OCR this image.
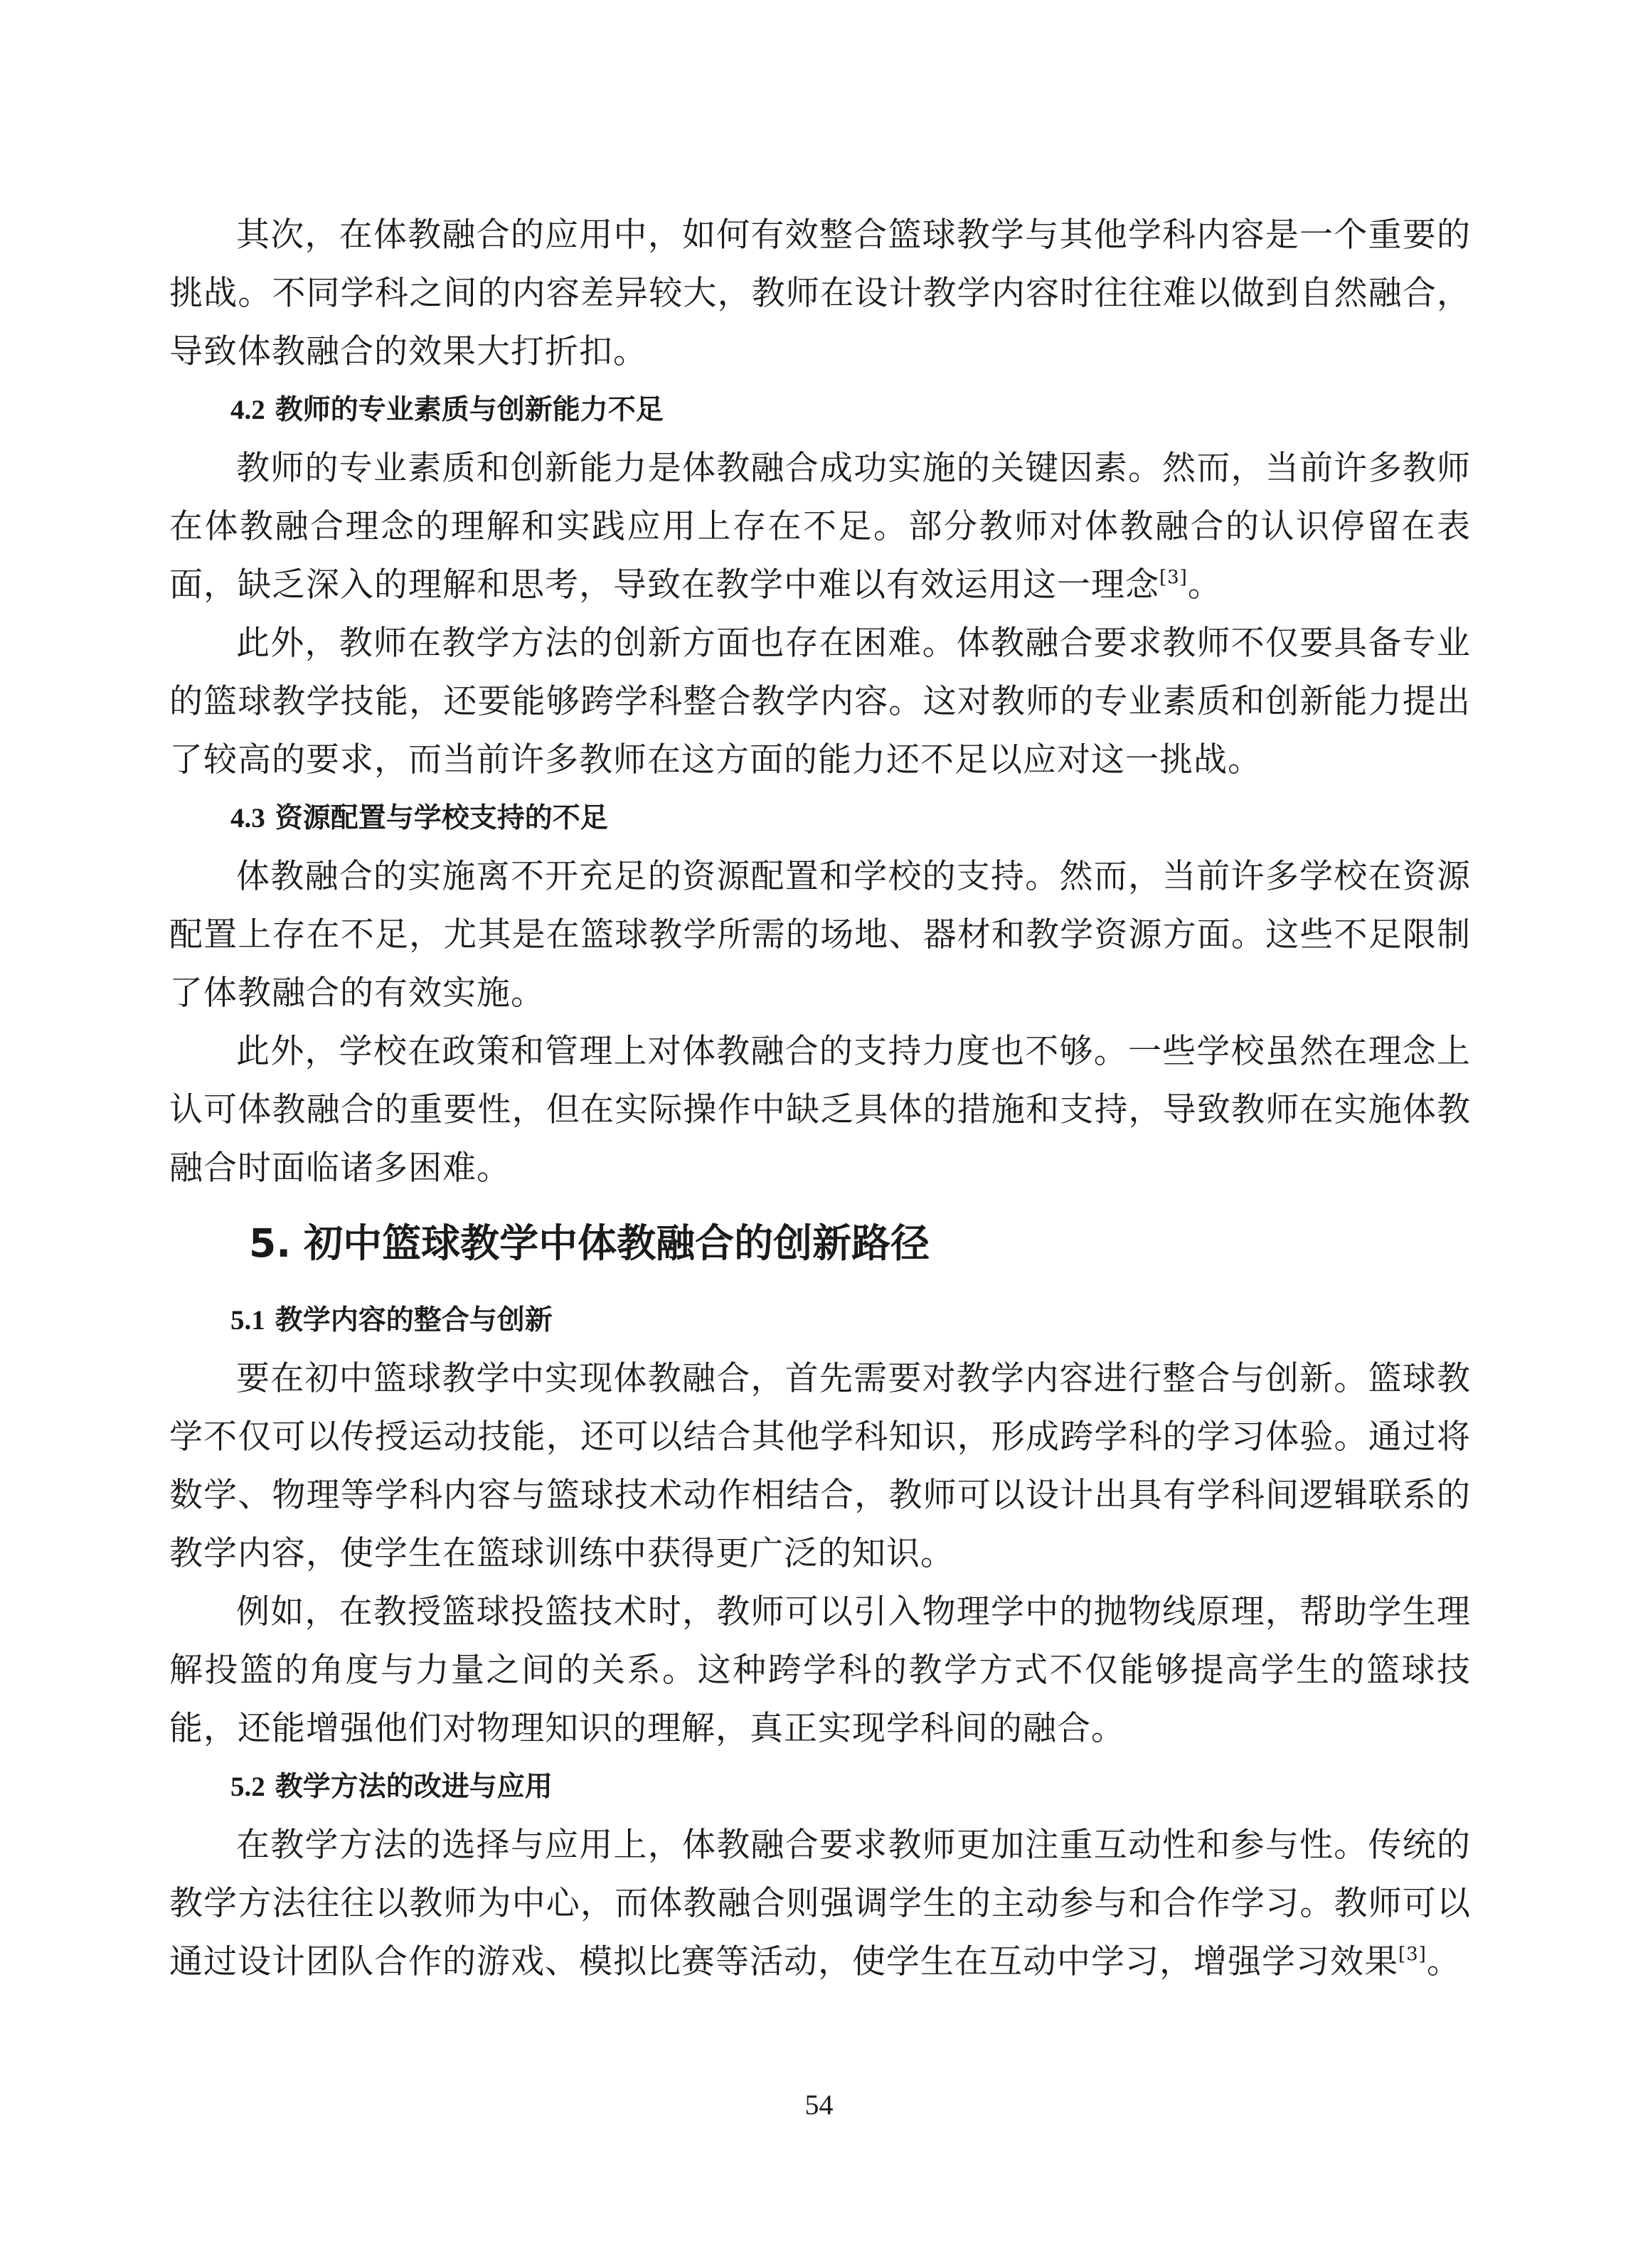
其次，在体教融合的应用中，如何有效整合篮球教学与其他学科内容是一个重要的挑战。不同学科之间的内容差异较大，教师在设计教学内容时往往难以做到自然融合，导致体教融合的效果大打折扣。

4.2 教师的专业素质与创新能力不足

教师的专业素质和创新能力是体教融合成功实施的关键因素。然而，当前许多教师在体教融合理念的理解和实践应用上存在不足。部分教师对体教融合的认识停留在表面，缺乏深入的理解和思考，导致在教学中难以有效运用这一理念[3]。

此外，教师在教学方法的创新方面也存在困难。体教融合要求教师不仅要具备专业的篮球教学技能，还要能够跨学科整合教学内容。这对教师的专业素质和创新能力提出了较高的要求，而当前许多教师在这方面的能力还不足以应对这一挑战。

4.3 资源配置与学校支持的不足

体教融合的实施离不开充足的资源配置和学校的支持。然而，当前许多学校在资源配置上存在不足，尤其是在篮球教学所需的场地、器材和教学资源方面。这些不足限制了体教融合的有效实施。

此外，学校在政策和管理上对体教融合的支持力度也不够。一些学校虽然在理念上认可体教融合的重要性，但在实际操作中缺乏具体的措施和支持，导致教师在实施体教融合时面临诸多困难。

5. 初中篮球教学中体教融合的创新路径
5.1 教学内容的整合与创新

要在初中篮球教学中实现体教融合，首先需要对教学内容进行整合与创新。篮球教学不仅可以传授运动技能，还可以结合其他学科知识，形成跨学科的学习体验。通过将数学、物理等学科内容与篮球技术动作相结合，教师可以设计出具有学科间逻辑联系的教学内容，使学生在篮球训练中获得更广泛的知识。

例如，在教授篮球投篮技术时，教师可以引入物理学中的抛物线原理，帮助学生理解投篮的角度与力量之间的关系。这种跨学科的教学方式不仅能够提高学生的篮球技能，还能增强他们对物理知识的理解，真正实现学科间的融合。

5.2 教学方法的改进与应用

在教学方法的选择与应用上，体教融合要求教师更加注重互动性和参与性。传统的教学方法往往以教师为中心，而体教融合则强调学生的主动参与和合作学习。教师可以通过设计团队合作的游戏、模拟比赛等活动，使学生在互动中学习，增强学习效果[3]。

54
